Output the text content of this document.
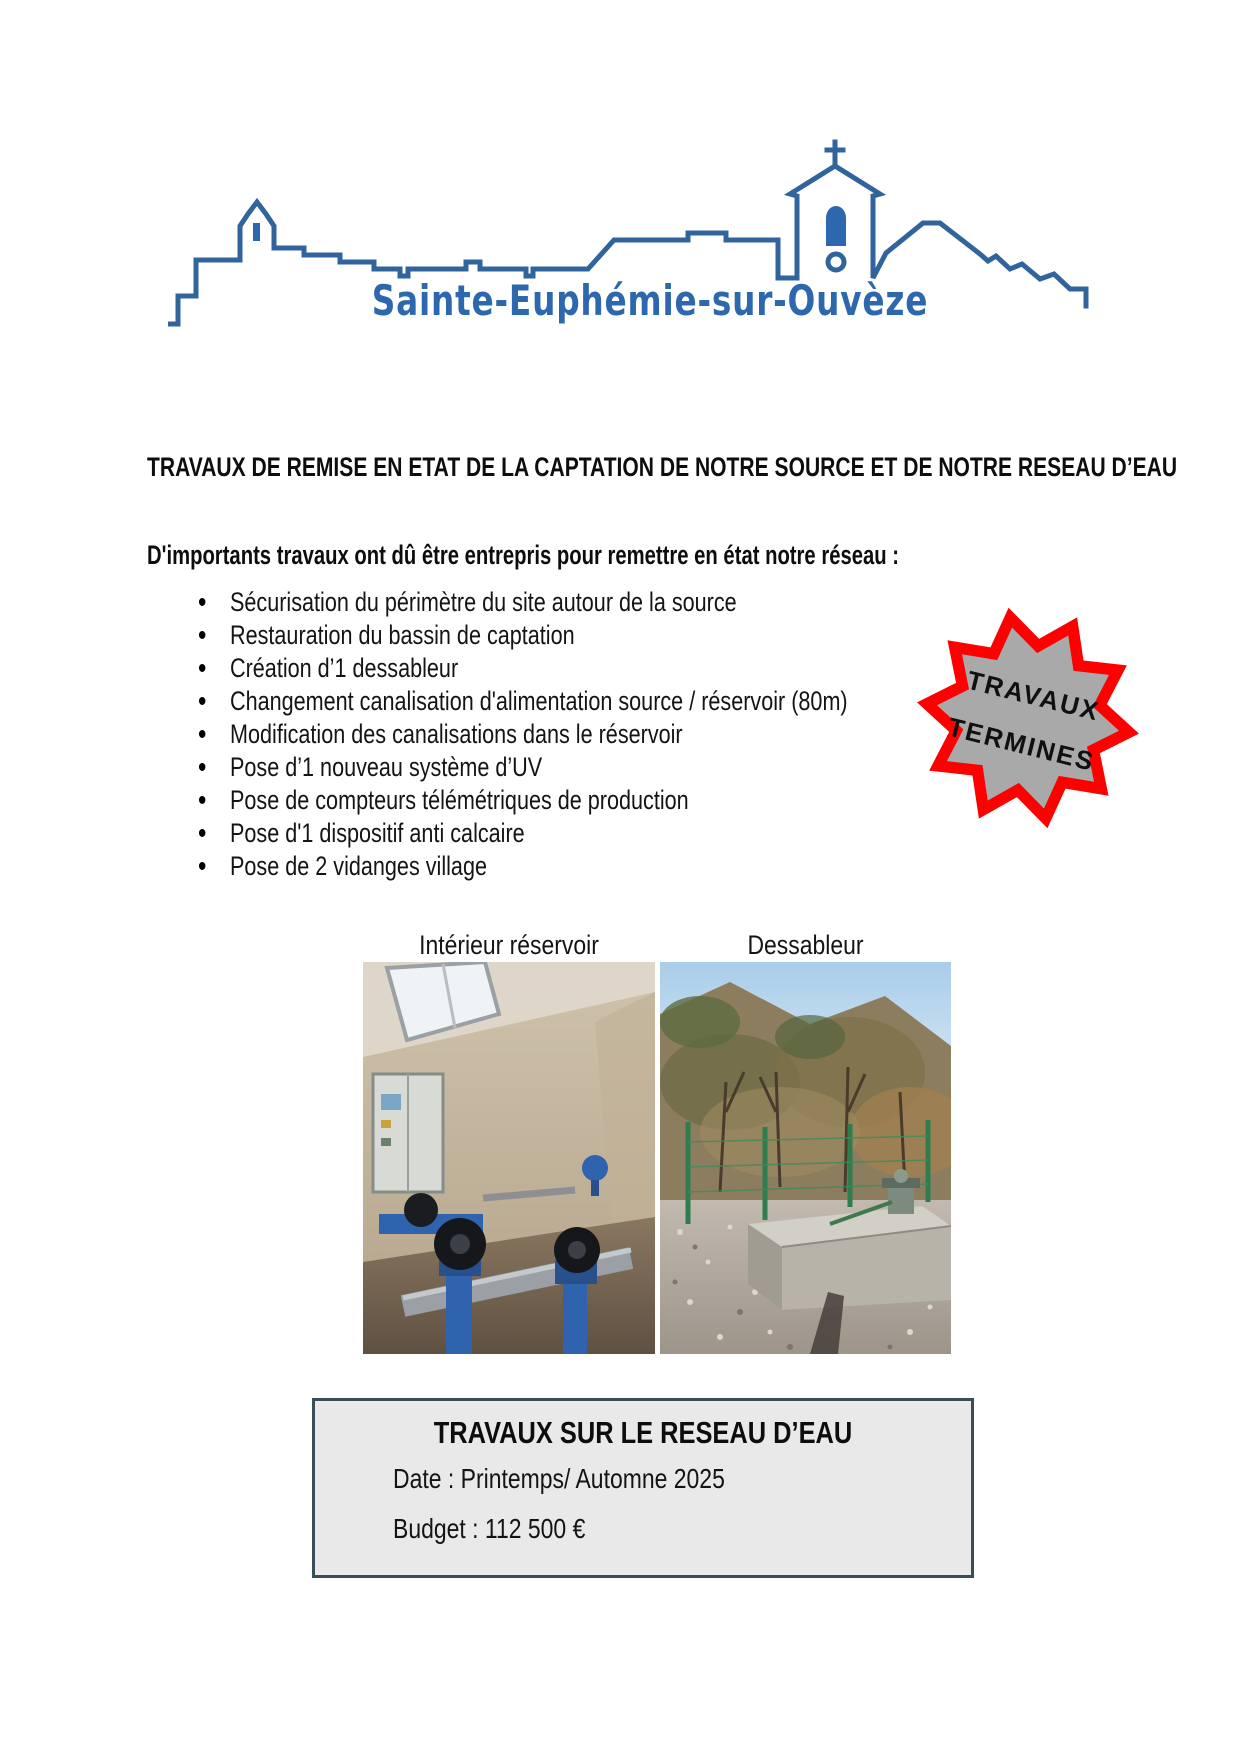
Sainte-Euphémie-sur-Ouvèze
TRAVAUX DE REMISE EN ETAT DE LA CAPTATION DE NOTRE SOURCE ET DE NOTRE RESEAU D’EAU
D'importants travaux ont dû être entrepris pour remettre en état notre réseau :
• Sécurisation du périmètre du site autour de la source
• Restauration du bassin de captation
• Création d’1 dessableur
• Changement canalisation d'alimentation source / réservoir (80m)
• Modification des canalisations dans le réservoir
• Pose d’1 nouveau système d’UV
• Pose de compteurs télémétriques de production
• Pose d'1 dispositif anti calcaire
• Pose de 2 vidanges village
TRAVAUX
TERMINES
Intérieur réservoir	Dessableur
TRAVAUX SUR LE RESEAU D’EAU
Date : Printemps/ Automne 2025
Budget : 112 500 €
